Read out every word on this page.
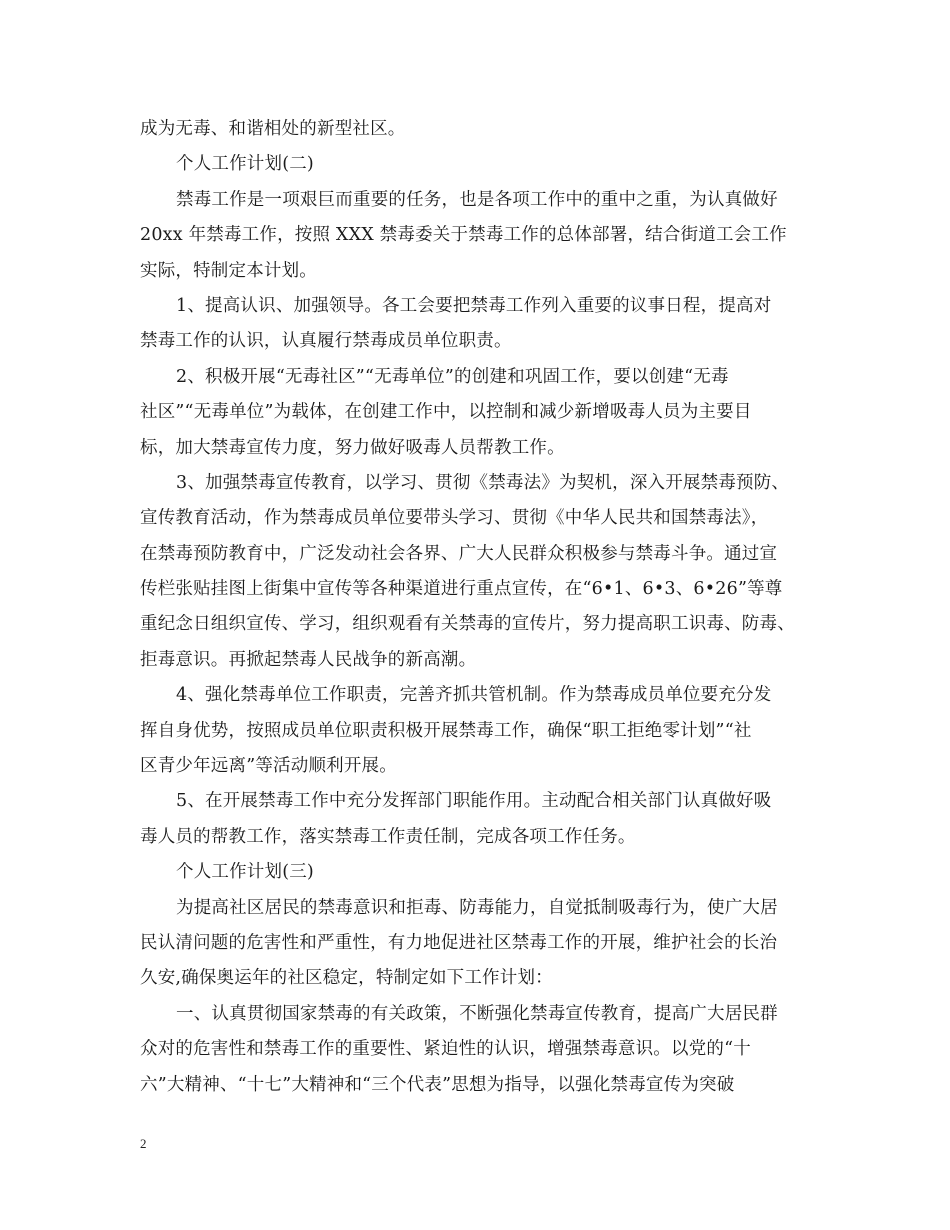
成为无毒、和谐相处的新型社区。
个人工作计划(二)
禁毒工作是一项艰巨而重要的任务，也是各项工作中的重中之重，为认真做好
20xx 年禁毒工作，按照 XXX 禁毒委关于禁毒工作的总体部署，结合街道工会工作
实际，特制定本计划。
1、提高认识、加强领导。各工会要把禁毒工作列入重要的议事日程，提高对
禁毒工作的认识，认真履行禁毒成员单位职责。
2、积极开展“无毒社区”“无毒单位”的创建和巩固工作，要以创建“无毒
社区”“无毒单位”为载体，在创建工作中，以控制和减少新增吸毒人员为主要目
标，加大禁毒宣传力度，努力做好吸毒人员帮教工作。
3、加强禁毒宣传教育，以学习、贯彻《禁毒法》为契机，深入开展禁毒预防、
宣传教育活动，作为禁毒成员单位要带头学习、贯彻《中华人民共和国禁毒法》，
在禁毒预防教育中，广泛发动社会各界、广大人民群众积极参与禁毒斗争。通过宣
传栏张贴挂图上街集中宣传等各种渠道进行重点宣传，在“6•1、6•3、6•26”等尊
重纪念日组织宣传、学习，组织观看有关禁毒的宣传片，努力提高职工识毒、防毒、
拒毒意识。再掀起禁毒人民战争的新高潮。
4、强化禁毒单位工作职责，完善齐抓共管机制。作为禁毒成员单位要充分发
挥自身优势，按照成员单位职责积极开展禁毒工作，确保“职工拒绝零计划”“社
区青少年远离”等活动顺利开展。
5、在开展禁毒工作中充分发挥部门职能作用。主动配合相关部门认真做好吸
毒人员的帮教工作，落实禁毒工作责任制，完成各项工作任务。
个人工作计划(三)
为提高社区居民的禁毒意识和拒毒、防毒能力，自觉抵制吸毒行为，使广大居
民认清问题的危害性和严重性，有力地促进社区禁毒工作的开展，维护社会的长治
久安,确保奥运年的社区稳定，特制定如下工作计划：
一、认真贯彻国家禁毒的有关政策，不断强化禁毒宣传教育，提高广大居民群
众对的危害性和禁毒工作的重要性、紧迫性的认识，增强禁毒意识。以党的“十
六”大精神、“十七”大精神和“三个代表”思想为指导，以强化禁毒宣传为突破
2
